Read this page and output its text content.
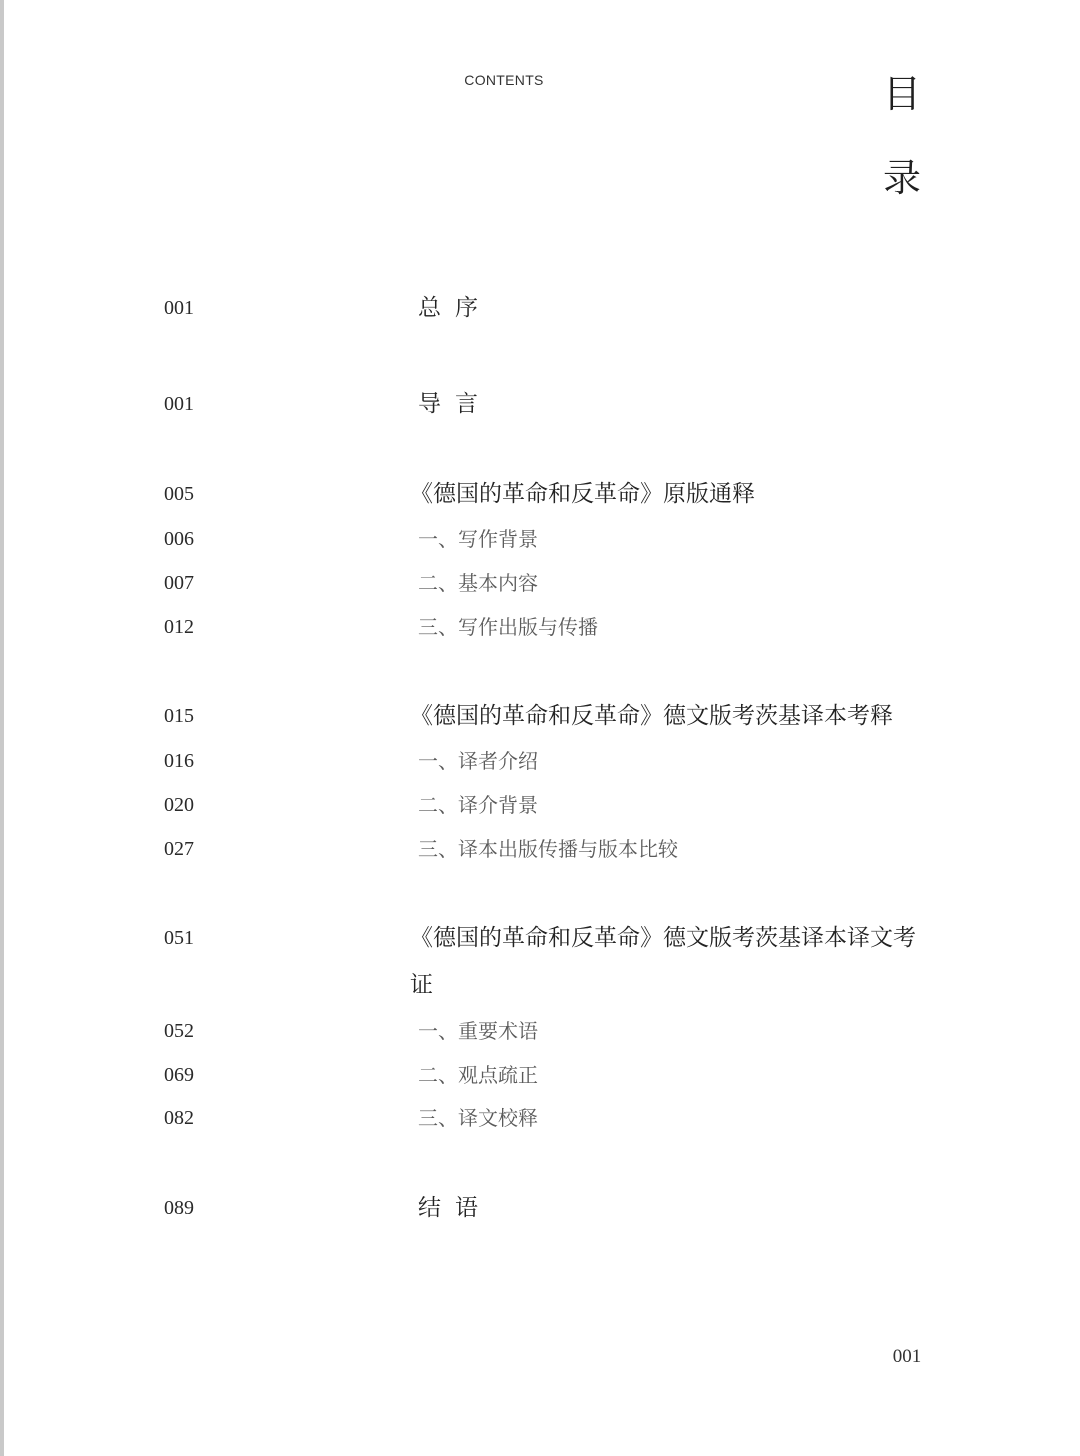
CONTENTS	目
录
001	总序
001	导言
005	《德国的革命和反革命》原版通释
006	一、写作背景
007	二、基本内容
012	三、写作出版与传播
015	《德国的革命和反革命》德文版考茨基译本考释
016	一、译者介绍
020	二、译介背景
027	三、译本出版传播与版本比较
051	《德国的革命和反革命》德文版考茨基译本译文考证
052	一、重要术语
069	二、观点疏正
082	三、译文校释
089	结语
001
